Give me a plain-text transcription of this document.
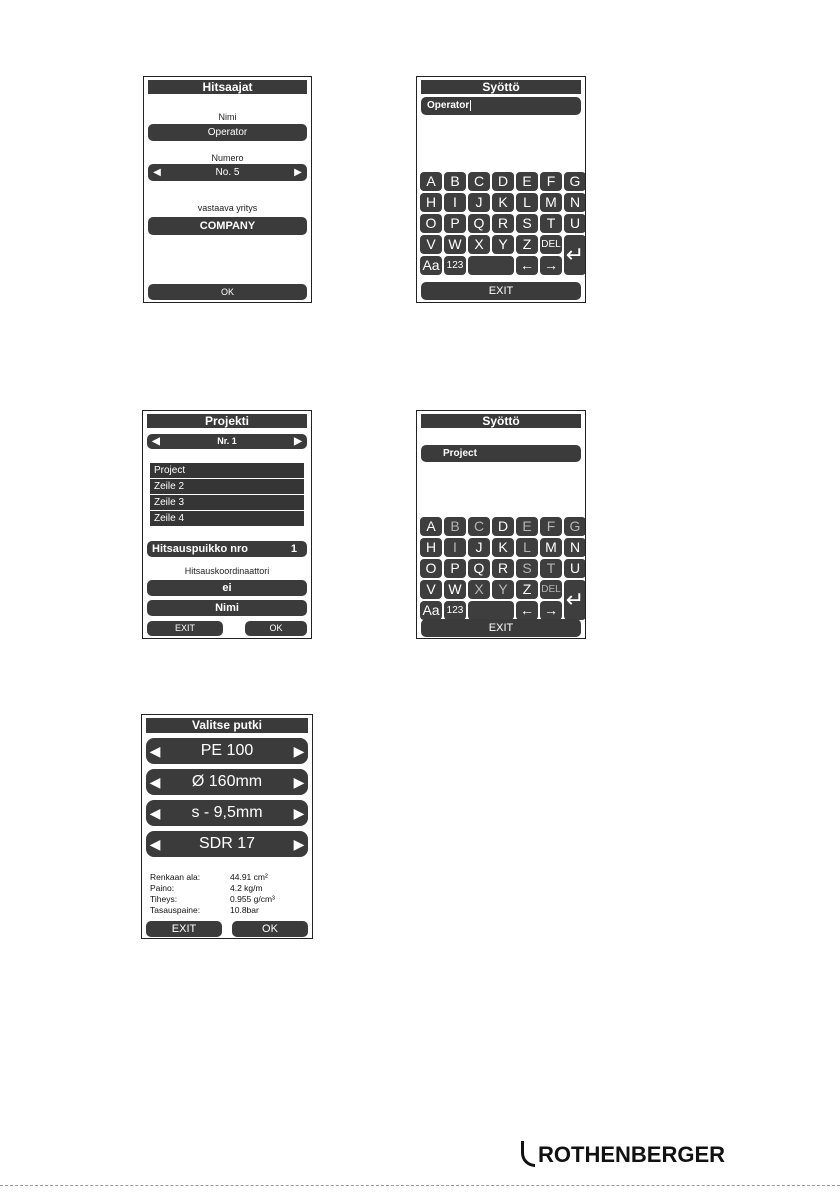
Hitsaajat
Nimi
Operator
Numero
◀	No. 5	▶
vastaava yritys
COMPANY
OK
Syöttö
Operator
A	B	C D	E	F	G
H	I	J	K	L	M N
O P Q R	S	T	U
V W X	Y	Z DEL
Aa 123	← → ↵
EXIT
Projekti
◀	Nr. 1	▶
Project
Zeile 2
Zeile 3
Zeile 4
Hitsauspuikko nro	1
Hitsauskoordinaattori
ei
Nimi
EXIT	OK
Syöttö
Project
A	B	C D	E	F	G
H	I	J	K	L	M N
O P Q R	S	T	U
V W X	Y	Z DEL
Aa 123	← → ↵
EXIT
Valitse putki
◀	PE 100	▶
◀ Ø 160mm ▶
◀ s - 9,5mm ▶
◀ SDR 17	▶
Renkaan ala:	44.91 cm²
Paino:	4.2 kg/m
Tiheys:	0.955 g/cm³
Tasauspaine:	10.8bar
EXIT	OK
ROTHENBERGER
